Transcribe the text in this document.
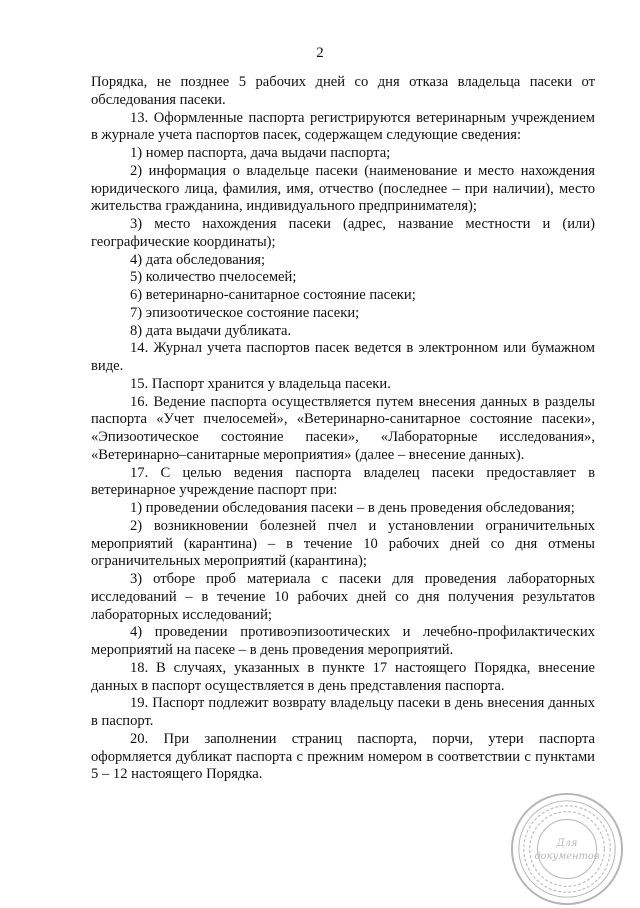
2

Порядка, не позднее 5 рабочих дней со дня отказа владельца пасеки от обследования пасеки.

13. Оформленные паспорта регистрируются ветеринарным учреждением в журнале учета паспортов пасек, содержащем следующие сведения:

1) номер паспорта, дача выдачи паспорта;

2) информация о владельце пасеки (наименование и место нахождения юридического лица, фамилия, имя, отчество (последнее – при наличии), место жительства гражданина, индивидуального предпринимателя);

3) место нахождения пасеки (адрес, название местности и (или) географические координаты);

4) дата обследования;

5) количество пчелосемей;

6) ветеринарно-санитарное состояние пасеки;

7) эпизоотическое состояние пасеки;

8) дата выдачи дубликата.

14. Журнал учета паспортов пасек ведется в электронном или бумажном виде.

15. Паспорт хранится у владельца пасеки.

16. Ведение паспорта осуществляется путем внесения данных в разделы паспорта «Учет пчелосемей», «Ветеринарно-санитарное состояние пасеки», «Эпизоотическое состояние пасеки», «Лабораторные исследования», «Ветеринарно–санитарные мероприятия» (далее – внесение данных).

17. С целью ведения паспорта владелец пасеки предоставляет в ветеринарное учреждение паспорт при:

1) проведении обследования пасеки – в день проведения обследования;

2) возникновении болезней пчел и установлении ограничительных мероприятий (карантина) – в течение 10 рабочих дней со дня отмены ограничительных мероприятий (карантина);

3) отборе проб материала с пасеки для проведения лабораторных исследований – в течение 10 рабочих дней со дня получения результатов лабораторных исследований;

4) проведении противоэпизоотических и лечебно-профилактических мероприятий на пасеке – в день проведения мероприятий.

18. В случаях, указанных в пункте 17 настоящего Порядка, внесение данных в паспорт осуществляется в день представления паспорта.

19. Паспорт подлежит возврату владельцу пасеки в день внесения данных в паспорт.

20. При заполнении страниц паспорта, порчи, утери паспорта оформляется дубликат паспорта с прежним номером в соответствии с пунктами 5 – 12 настоящего Порядка.

Для
документов
